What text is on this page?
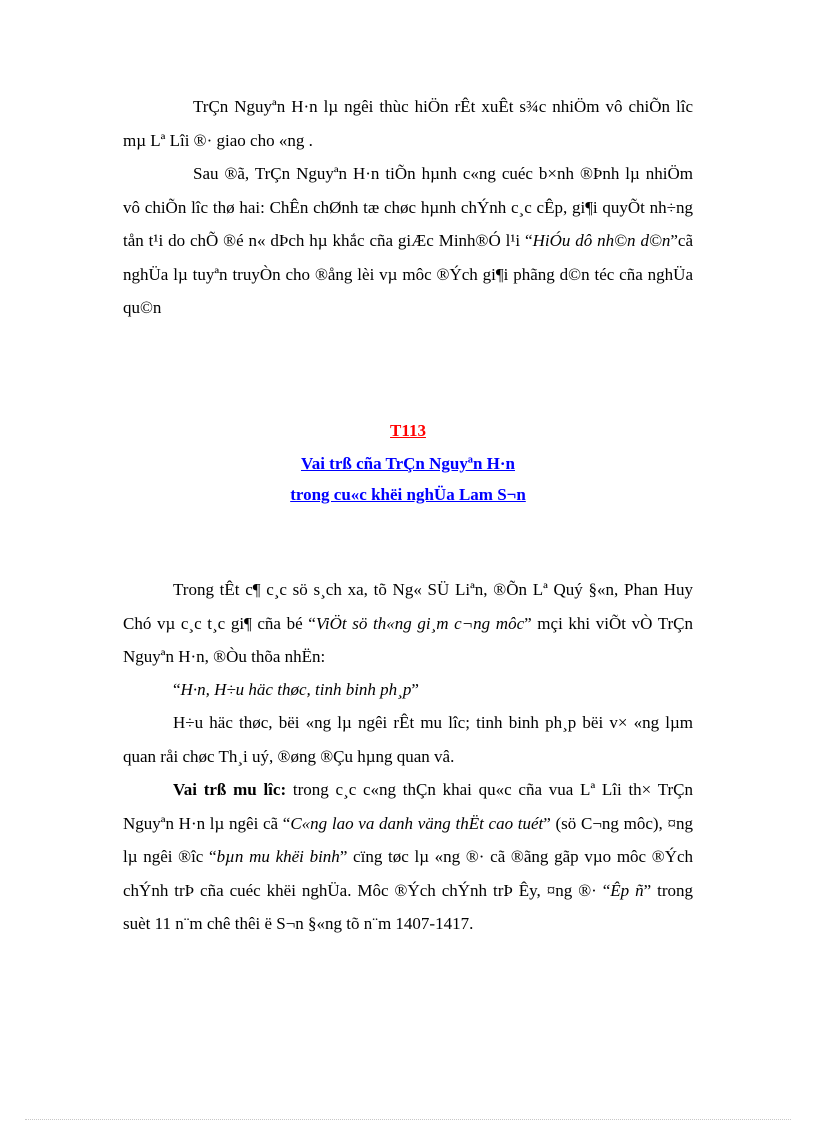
TrÇn Nguyªn H·n lµ ngêi thùc hiÖn rÊt xuÊt s¾c nhiÖm vô chiÕn lîc mµ Lª Lîi ®· giao cho «ng .

Sau ®ã, TrÇn Nguyªn H·n tiÕn hµnh c«ng cuéc b×nh ®Þnh lµ nhiÖm vô chiÕn lîc thø hai: ChÊn chØnh tæ chøc hµnh chÝnh c¸c cÊp, gi¶i quyÕt nh÷ng tån t¹i do chÕ ®é n« dÞch hµ khắc cña giÆc Minh®Ó l¹i “HiÓu dô nh©n d©n”cã nghÜa lµ tuyªn truyÒn cho ®ång lèi vµ môc ®Ých gi¶i phãng d©n téc cña nghÜa qu©n

T113
Vai trß cña TrÇn Nguyªn H·n
trong cu«c khëi nghÜa Lam S¬n

Trong tÊt c¶ c¸c sö s¸ch xa, tõ Ng« SÜ Liªn, ®Õn Lª Quý §«n, Phan Huy Chó vµ c¸c t¸c gi¶ cña bé “ViÖt sö th«ng gi¸m c¬ng môc” mçi khi viÕt vÒ TrÇn Nguyªn H·n, ®Òu thõa nhËn:

“H·n, H÷u häc thøc, tinh binh ph¸p”

H÷u häc thøc, bëi «ng lµ ngêi rÊt mu lîc; tinh binh ph¸p bëi v× «ng lµm quan råi chøc Th¸i uý, ®øng ®Çu hµng quan vâ.

Vai trß mu lîc: trong c¸c c«ng thÇn khai qu«c cña vua Lª Lîi th× TrÇn Nguyªn H·n lµ ngêi cã “C«ng lao va danh väng thËt cao tuét” (sö C¬ng môc), ¤ng lµ ngêi ®îc “bµn mu khëi binh” cïng tøc lµ «ng ®· cã ®ãng gãp vµo môc ®Ých chÝnh trÞ cña cuéc khëi nghÜa. Môc ®Ých chÝnh trÞ Êy, ¤ng ®· “Êp ñ” trong suèt 11 n¨m chê thêi ë S¬n §«ng tõ n¨m 1407-1417.
